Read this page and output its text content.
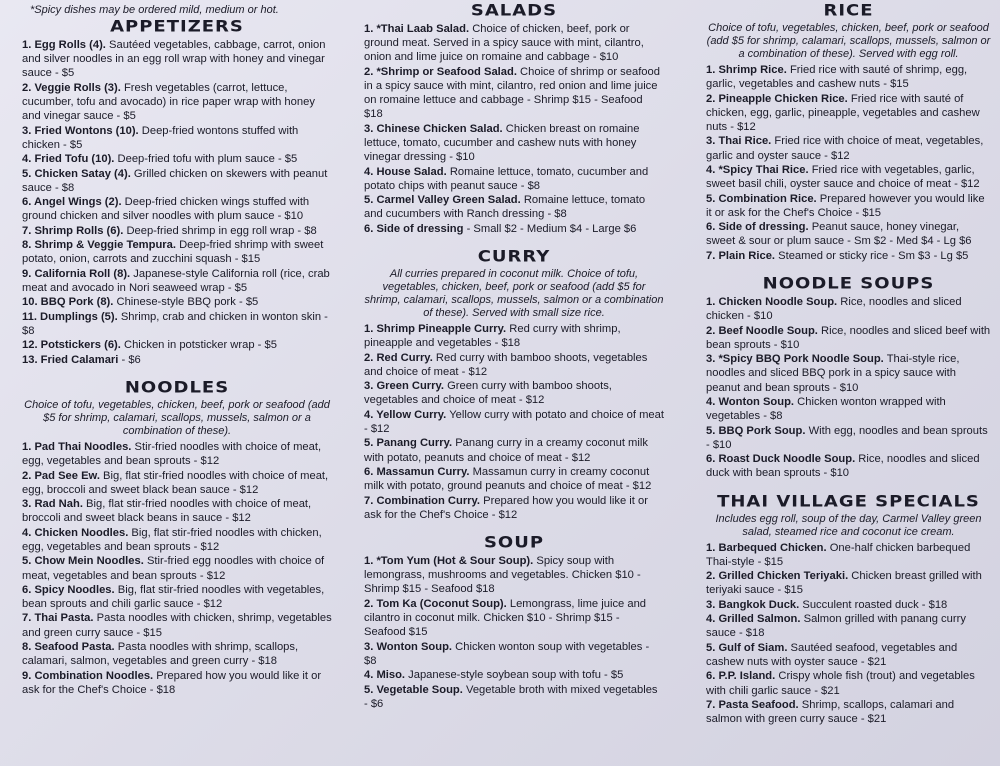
*Spicy dishes may be ordered mild, medium or hot.
APPETIZERS
1. Egg Rolls (4). Sautéed vegetables, cabbage, carrot, onion and silver noodles in an egg roll wrap with honey and vinegar sauce - $5
2. Veggie Rolls (3). Fresh vegetables (carrot, lettuce, cucumber, tofu and avocado) in rice paper wrap with honey and vinegar sauce - $5
3. Fried Wontons (10). Deep-fried wontons stuffed with chicken - $5
4. Fried Tofu (10). Deep-fried tofu with plum sauce - $5
5. Chicken Satay (4). Grilled chicken on skewers with peanut sauce - $8
6. Angel Wings (2). Deep-fried chicken wings stuffed with ground chicken and silver noodles with plum sauce - $10
7. Shrimp Rolls (6). Deep-fried shrimp in egg roll wrap - $8
8. Shrimp & Veggie Tempura. Deep-fried shrimp with sweet potato, onion, carrots and zucchini squash - $15
9. California Roll (8). Japanese-style California roll (rice, crab meat and avocado in Nori seaweed wrap - $5
10. BBQ Pork (8). Chinese-style BBQ pork - $5
11. Dumplings (5). Shrimp, crab and chicken in wonton skin - $8
12. Potstickers (6). Chicken in potsticker wrap - $5
13. Fried Calamari - $6
NOODLES
Choice of tofu, vegetables, chicken, beef, pork or seafood (add $5 for shrimp, calamari, scallops, mussels, salmon or a combination of these).
1. Pad Thai Noodles. Stir-fried noodles with choice of meat, egg, vegetables and bean sprouts - $12
2. Pad See Ew. Big, flat stir-fried noodles with choice of meat, egg, broccoli and sweet black bean sauce - $12
3. Rad Nah. Big, flat stir-fried noodles with choice of meat, broccoli and sweet black beans in sauce - $12
4. Chicken Noodles. Big, flat stir-fried noodles with chicken, egg, vegetables and bean sprouts - $12
5. Chow Mein Noodles. Stir-fried egg noodles with choice of meat, vegetables and bean sprouts - $12
6. Spicy Noodles. Big, flat stir-fried noodles with vegetables, bean sprouts and chili garlic sauce - $12
7. Thai Pasta. Pasta noodles with chicken, shrimp, vegetables and green curry sauce - $15
8. Seafood Pasta. Pasta noodles with shrimp, scallops, calamari, salmon, vegetables and green curry - $18
9. Combination Noodles. Prepared how you would like it or ask for the Chef's Choice - $18
SALADS
1. *Thai Laab Salad. Choice of chicken, beef, pork or ground meat. Served in a spicy sauce with mint, cilantro, onion and lime juice on romaine and cabbage - $10
2. *Shrimp or Seafood Salad. Choice of shrimp or seafood in a spicy sauce with mint, cilantro, red onion and lime juice on romaine lettuce and cabbage - Shrimp $15 - Seafood $18
3. Chinese Chicken Salad. Chicken breast on romaine lettuce, tomato, cucumber and cashew nuts with honey vinegar dressing - $10
4. House Salad. Romaine lettuce, tomato, cucumber and potato chips with peanut sauce - $8
5. Carmel Valley Green Salad. Romaine lettuce, tomato and cucumbers with Ranch dressing - $8
6. Side of dressing - Small $2 - Medium $4 - Large $6
CURRY
All curries prepared in coconut milk. Choice of tofu, vegetables, chicken, beef, pork or seafood (add $5 for shrimp, calamari, scallops, mussels, salmon or a combination of these). Served with small size rice.
1. Shrimp Pineapple Curry. Red curry with shrimp, pineapple and vegetables - $18
2. Red Curry. Red curry with bamboo shoots, vegetables and choice of meat - $12
3. Green Curry. Green curry with bamboo shoots, vegetables and choice of meat - $12
4. Yellow Curry. Yellow curry with potato and choice of meat - $12
5. Panang Curry. Panang curry in a creamy coconut milk with potato, peanuts and choice of meat - $12
6. Massamun Curry. Massamun curry in creamy coconut milk with potato, ground peanuts and choice of meat - $12
7. Combination Curry. Prepared how you would like it or ask for the Chef's Choice - $12
SOUP
1. *Tom Yum (Hot & Sour Soup). Spicy soup with lemongrass, mushrooms and vegetables. Chicken $10 - Shrimp $15 - Seafood $18
2. Tom Ka (Coconut Soup). Lemongrass, lime juice and cilantro in coconut milk. Chicken $10 - Shrimp $15 - Seafood $15
3. Wonton Soup. Chicken wonton soup with vegetables - $8
4. Miso. Japanese-style soybean soup with tofu - $5
5. Vegetable Soup. Vegetable broth with mixed vegetables - $6
RICE
Choice of tofu, vegetables, chicken, beef, pork or seafood (add $5 for shrimp, calamari, scallops, mussels, salmon or a combination of these). Served with egg roll.
1. Shrimp Rice. Fried rice with sauté of shrimp, egg, garlic, vegetables and cashew nuts - $15
2. Pineapple Chicken Rice. Fried rice with sauté of chicken, egg, garlic, pineapple, vegetables and cashew nuts - $12
3. Thai Rice. Fried rice with choice of meat, vegetables, garlic and oyster sauce - $12
4. *Spicy Thai Rice. Fried rice with vegetables, garlic, sweet basil chili, oyster sauce and choice of meat - $12
5. Combination Rice. Prepared however you would like it or ask for the Chef's Choice - $15
6. Side of dressing. Peanut sauce, honey vinegar, sweet & sour or plum sauce - Sm $2 - Med $4 - Lg $6
7. Plain Rice. Steamed or sticky rice - Sm $3 - Lg $5
NOODLE SOUPS
1. Chicken Noodle Soup. Rice, noodles and sliced chicken - $10
2. Beef Noodle Soup. Rice, noodles and sliced beef with bean sprouts - $10
3. *Spicy BBQ Pork Noodle Soup. Thai-style rice, noodles and sliced BBQ pork in a spicy sauce with peanut and bean sprouts - $10
4. Wonton Soup. Chicken wonton wrapped with vegetables - $8
5. BBQ Pork Soup. With egg, noodles and bean sprouts - $10
6. Roast Duck Noodle Soup. Rice, noodles and sliced duck with bean sprouts - $10
THAI VILLAGE SPECIALS
Includes egg roll, soup of the day, Carmel Valley green salad, steamed rice and coconut ice cream.
1. Barbequed Chicken. One-half chicken barbequed Thai-style - $15
2. Grilled Chicken Teriyaki. Chicken breast grilled with teriyaki sauce - $15
3. Bangkok Duck. Succulent roasted duck - $18
4. Grilled Salmon. Salmon grilled with panang curry sauce - $18
5. Gulf of Siam. Sautéed seafood, vegetables and cashew nuts with oyster sauce - $21
6. P.P. Island. Crispy whole fish (trout) and vegetables with chili garlic sauce - $21
7. Pasta Seafood. Shrimp, scallops, calamari and salmon with green curry sauce - $21
